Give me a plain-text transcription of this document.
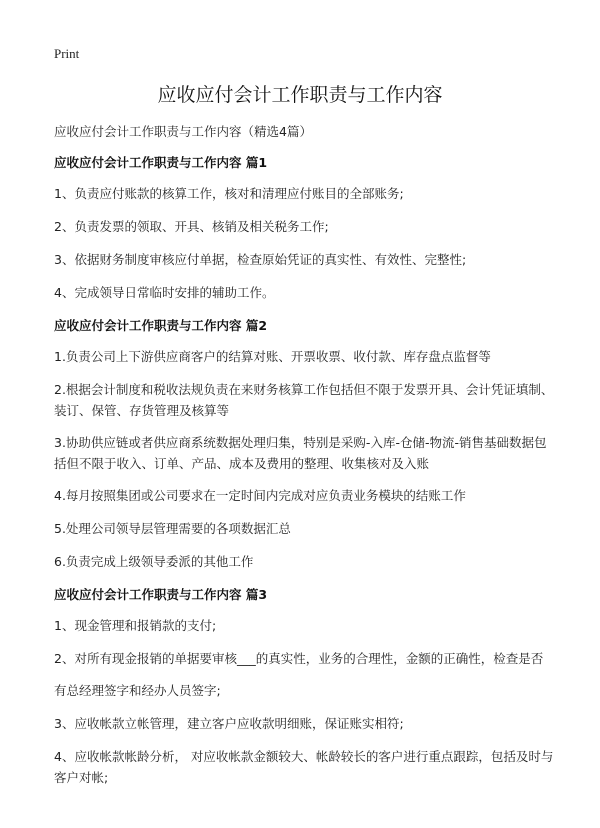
Print
应收应付会计工作职责与工作内容

应收应付会计工作职责与工作内容（精选4篇）

应收应付会计工作职责与工作内容 篇1

1、负责应付账款的核算工作，核对和清理应付账目的全部账务;

2、负责发票的领取、开具、核销及相关税务工作;

3、依据财务制度审核应付单据，检查原始凭证的真实性、有效性、完整性;

4、完成领导日常临时安排的辅助工作。

应收应付会计工作职责与工作内容 篇2

1.负责公司上下游供应商客户的结算对账、开票收票、收付款、库存盘点监督等

2.根据会计制度和税收法规负责在来财务核算工作包括但不限于发票开具、会计凭证填制、装订、保管、存货管理及核算等

3.协助供应链或者供应商系统数据处理归集，特别是采购-入库-仓储-物流-销售基础数据包括但不限于收入、订单、产品、成本及费用的整理、收集核对及入账

4.每月按照集团或公司要求在一定时间内完成对应负责业务模块的结账工作

5.处理公司领导层管理需要的各项数据汇总

6.负责完成上级领导委派的其他工作

应收应付会计工作职责与工作内容 篇3

1、现金管理和报销款的支付;

2、对所有现金报销的单据要审核___的真实性，业务的合理性，金额的正确性，检查是否

有总经理签字和经办人员签字;

3、应收帐款立帐管理，建立客户应收款明细账，保证账实相符;

4、应收帐款帐龄分析， 对应收帐款金额较大、帐龄较长的客户进行重点跟踪，包括及时与客户对帐;
